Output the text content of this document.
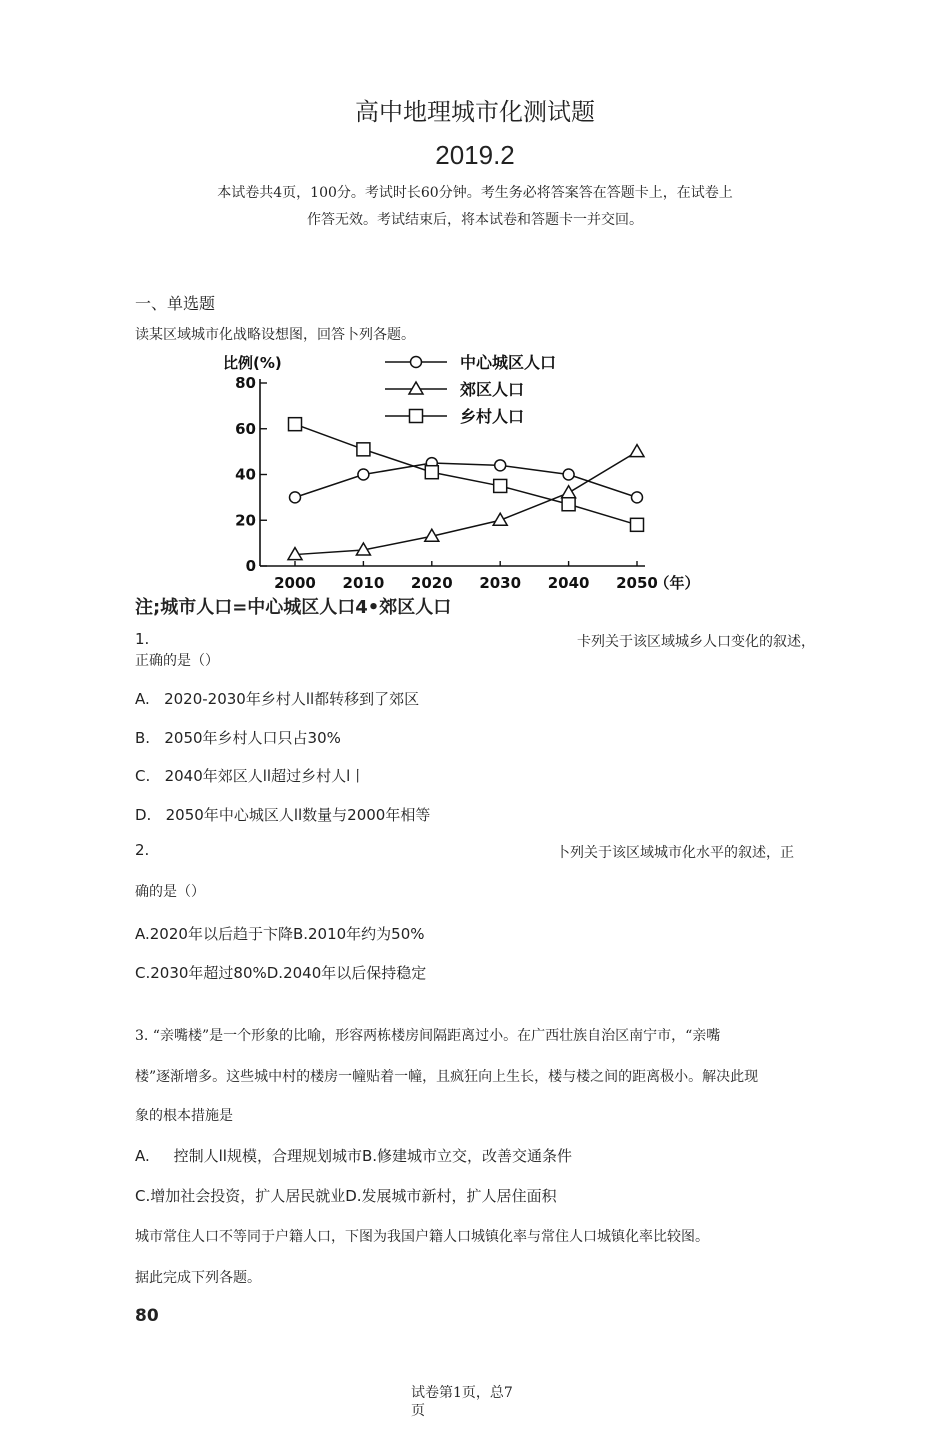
高中地理城市化测试题
2019.2
本试卷共4页，100分。考试时长60分钟。考生务必将答案答在答题卡上，在试卷上
作答无效。考试结束后，将本试卷和答题卡一并交回。
一、单选题
读某区域城市化战略设想图，回答卜列各题。
比例(%)
0
20
40
60
80
2000 2010 2020 2030 2040 2050
（年）
中心城区人口
郊区人口
乡村人口
注;城市人口=中心城区人口4•郊区人口
1.	卡列关于该区域城乡人口变化的叙述，
正确的是（）
A. 2020-2030年乡村人ll都转移到了郊区
B. 2050年乡村人口只占30%
C. 2040年郊区人ll超过乡村人l丨
D. 2050年中心城区人ll数量与2000年相等
2.	卜列关于该区域城市化水平的叙述，正
确的是（）
A.2020年以后趋于卞降B.2010年约为50%
C.2030年超过80%D.2040年以后保持稳定
3. “亲嘴楼”是一个形象的比喻，形容两栋楼房间隔距离过小。在广西壮族自治区南宁市，“亲嘴
楼”逐渐增多。这些城中村的楼房一幢贴着一幢，且疯狂向上生长，楼与楼之间的距离极小。解决此现
象的根本措施是
A. 控制人ll规模，合理规划城市B.修建城市立交，改善交通条件
C.增加社会投资，扩人居民就业D.发展城市新村，扩人居住面积
城市常住人口不等同于户籍人口，下图为我国户籍人口城镇化率与常住人口城镇化率比较图。
据此完成下列各题。
80
试卷第1页，总7
页
